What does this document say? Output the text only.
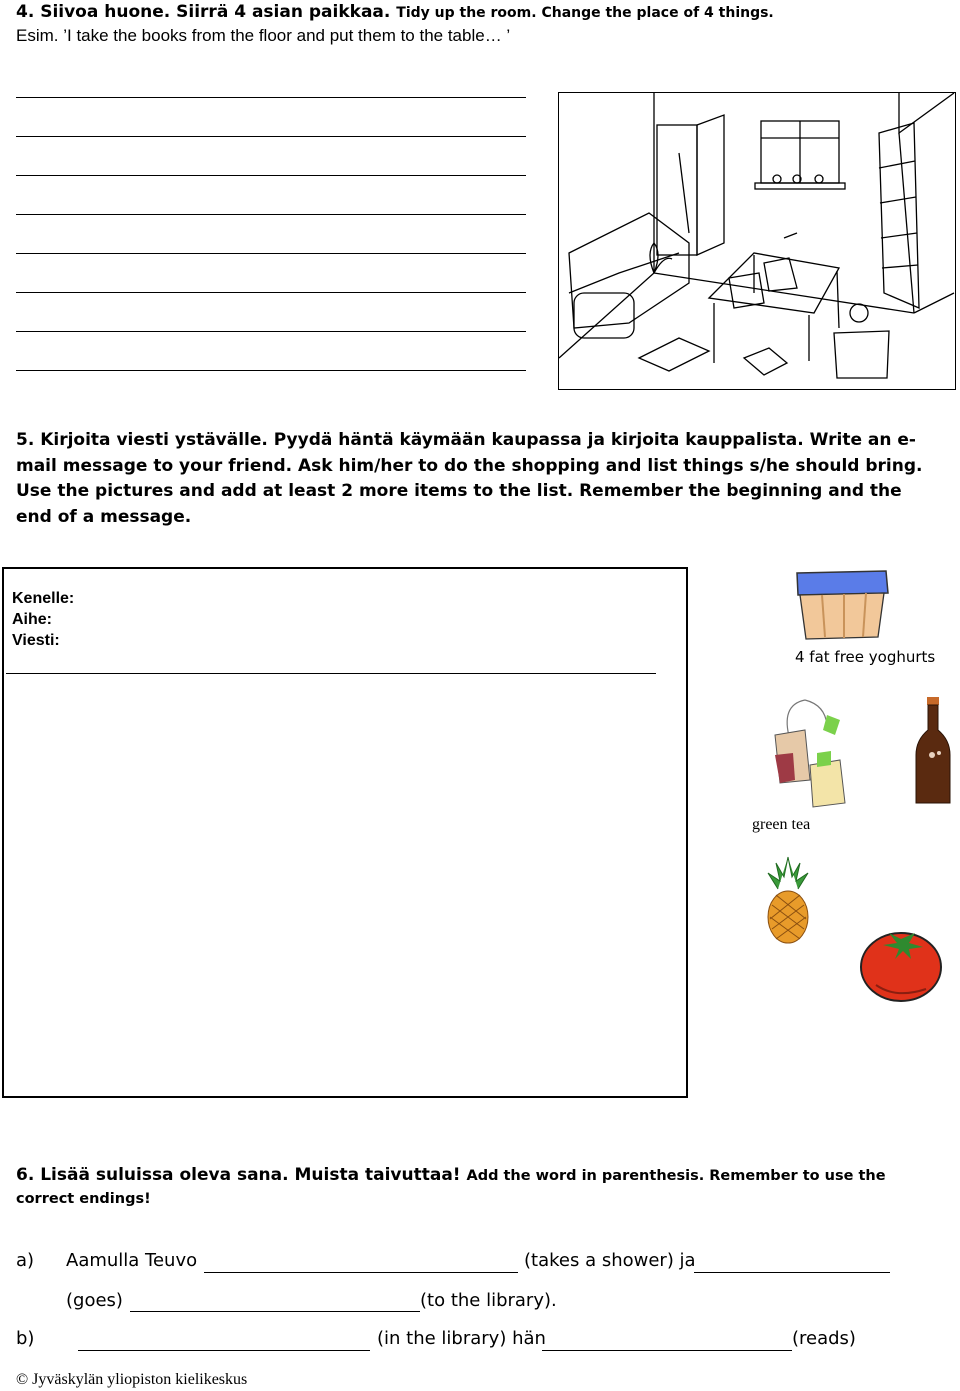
4. Siivoa huone. Siirrä 4 asian paikkaa. Tidy up the room. Change the place of 4 things.
Esim. ’I take the books from the floor and put them to the table… ’
5. Kirjoita viesti ystävälle. Pyydä häntä käymään kaupassa ja kirjoita kauppalista. Write an e-mail message to your friend. Ask him/her to do the shopping and list things s/he should bring. Use the pictures and add at least 2 more items to the list. Remember the beginning and the end of a message.
Kenelle:
Aihe:
Viesti:
4 fat free yoghurts
green tea
6. Lisää suluissa oleva sana. Muista taivuttaa! Add the word in parenthesis. Remember to use the correct endings!
a) Aamulla Teuvo	(takes a shower) ja
(goes)	(to the library).
b)	(in the library) hän	(reads)
© Jyväskylän yliopiston kielikeskus
